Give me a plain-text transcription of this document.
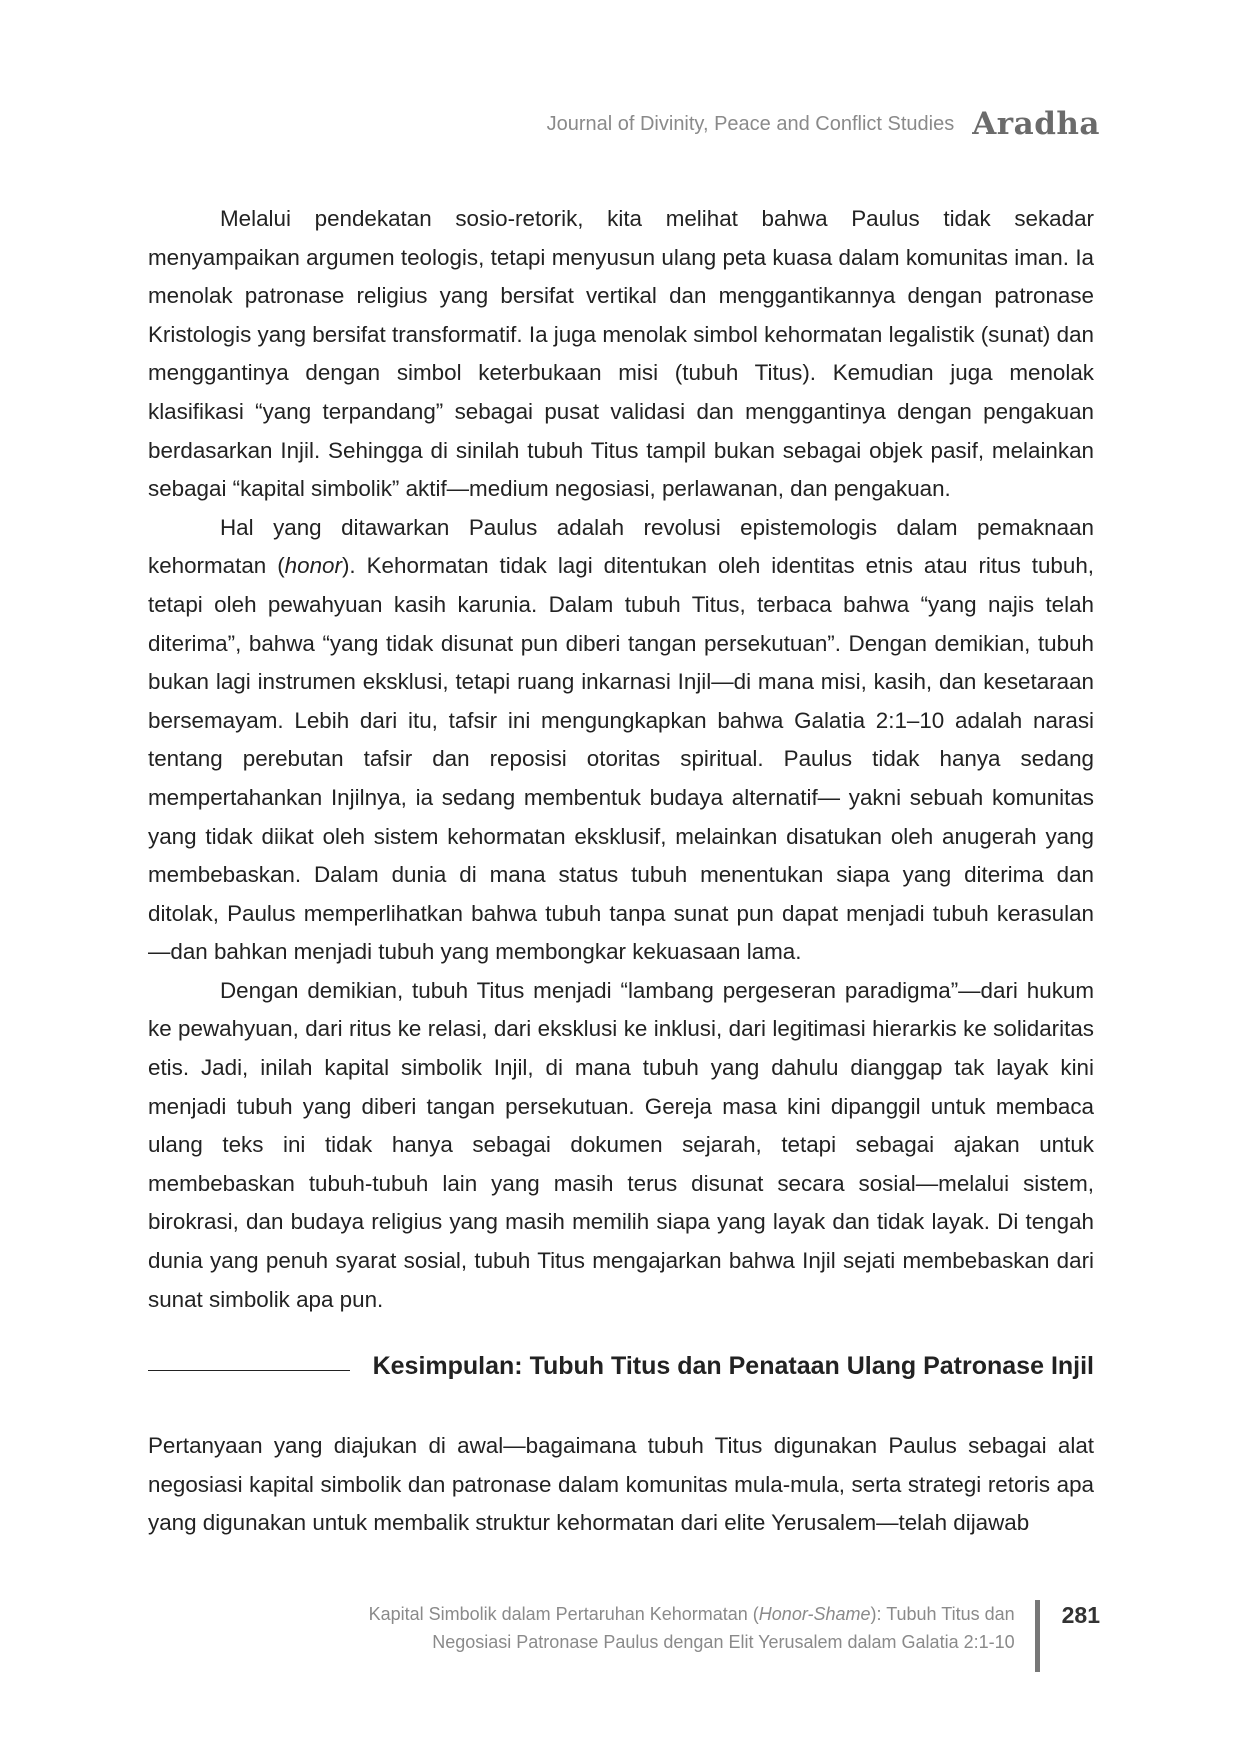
Journal of Divinity, Peace and Conflict Studies Aradha

Melalui pendekatan sosio-retorik, kita melihat bahwa Paulus tidak sekadar menyampaikan argumen teologis, tetapi menyusun ulang peta kuasa dalam komunitas iman. Ia menolak patronase religius yang bersifat vertikal dan menggantikannya dengan patronase Kristologis yang bersifat transformatif. Ia juga menolak simbol kehormatan legalistik (sunat) dan menggantinya dengan simbol keterbukaan misi (tubuh Titus). Kemudian juga menolak klasifikasi “yang terpandang” sebagai pusat validasi dan menggantinya dengan pengakuan berdasarkan Injil. Sehingga di sinilah tubuh Titus tampil bukan sebagai objek pasif, melainkan sebagai “kapital simbolik” aktif—medium negosiasi, perlawanan, dan pengakuan.

Hal yang ditawarkan Paulus adalah revolusi epistemologis dalam pemaknaan kehormatan (honor). Kehormatan tidak lagi ditentukan oleh identitas etnis atau ritus tubuh, tetapi oleh pewahyuan kasih karunia. Dalam tubuh Titus, terbaca bahwa “yang najis telah diterima”, bahwa “yang tidak disunat pun diberi tangan persekutuan”. Dengan demikian, tubuh bukan lagi instrumen eksklusi, tetapi ruang inkarnasi Injil—di mana misi, kasih, dan kesetaraan bersemayam. Lebih dari itu, tafsir ini mengungkapkan bahwa Galatia 2:1–10 adalah narasi tentang perebutan tafsir dan reposisi otoritas spiritual. Paulus tidak hanya sedang mempertahankan Injilnya, ia sedang membentuk budaya alternatif— yakni sebuah komunitas yang tidak diikat oleh sistem kehormatan eksklusif, melainkan disatukan oleh anugerah yang membebaskan. Dalam dunia di mana status tubuh menentukan siapa yang diterima dan ditolak, Paulus memperlihatkan bahwa tubuh tanpa sunat pun dapat menjadi tubuh kerasulan—dan bahkan menjadi tubuh yang membongkar kekuasaan lama.

Dengan demikian, tubuh Titus menjadi “lambang pergeseran paradigma”—dari hukum ke pewahyuan, dari ritus ke relasi, dari eksklusi ke inklusi, dari legitimasi hierarkis ke solidaritas etis. Jadi, inilah kapital simbolik Injil, di mana tubuh yang dahulu dianggap tak layak kini menjadi tubuh yang diberi tangan persekutuan. Gereja masa kini dipanggil untuk membaca ulang teks ini tidak hanya sebagai dokumen sejarah, tetapi sebagai ajakan untuk membebaskan tubuh-tubuh lain yang masih terus disunat secara sosial—melalui sistem, birokrasi, dan budaya religius yang masih memilih siapa yang layak dan tidak layak. Di tengah dunia yang penuh syarat sosial, tubuh Titus mengajarkan bahwa Injil sejati membebaskan dari sunat simbolik apa pun.

Kesimpulan: Tubuh Titus dan Penataan Ulang Patronase Injil

Pertanyaan yang diajukan di awal—bagaimana tubuh Titus digunakan Paulus sebagai alat negosiasi kapital simbolik dan patronase dalam komunitas mula-mula, serta strategi retoris apa yang digunakan untuk membalik struktur kehormatan dari elite Yerusalem—telah dijawab

Kapital Simbolik dalam Pertaruhan Kehormatan (Honor-Shame): Tubuh Titus dan
Negosiasi Patronase Paulus dengan Elit Yerusalem dalam Galatia 2:1-10
281
